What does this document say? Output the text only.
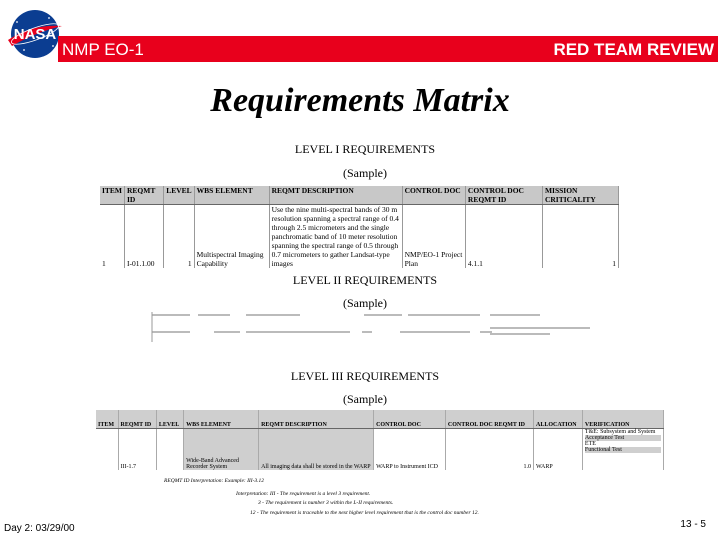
NASA
NMP EO-1	RED TEAM REVIEW
Requirements Matrix
LEVEL I REQUIREMENTS
(Sample)
ITEM	REQMT ID	LEVEL	WBS ELEMENT	REQMT DESCRIPTION	CONTROL DOC	CONTROL DOC REQMT ID	MISSION CRITICALITY
1	I-01.1.00	1	Multispectral Imaging Capability	Use the nine multi-spectral bands of 30 m resolution spanning a spectral range of 0.4 through 2.5 micrometers and the single panchromatic band of 10 meter resolution spanning the spectral range of 0.5 through 0.7 micrometers to gather Landsat-type images	NMP/EO-1 Project Plan	4.1.1	1
LEVEL II REQUIREMENTS
(Sample)
LEVEL III REQUIREMENTS
(Sample)
ITEM	REQMT ID	LEVEL	WBS ELEMENT	REQMT DESCRIPTION	CONTROL DOC	CONTROL DOC REQMT ID	ALLOCATION	VERIFICATION
	III-1.7		Wide-Band Advanced Recorder System	All imaging data shall be stored in the WARP	WARP to Instrument ICD	1.0	WARP	T&E: Subsystem and System
Acceptance Test
ETE
Functional Test
REQMT ID Interpretation: Example: III-3.12
Interpretation: III - The requirement is a level 3 requirement.
3 - The requirement is number 3 within the L-II requirements.
12 - The requirement is traceable to the next higher level requirement that is the control doc number 12.
Day 2: 03/29/00	13 - 5
